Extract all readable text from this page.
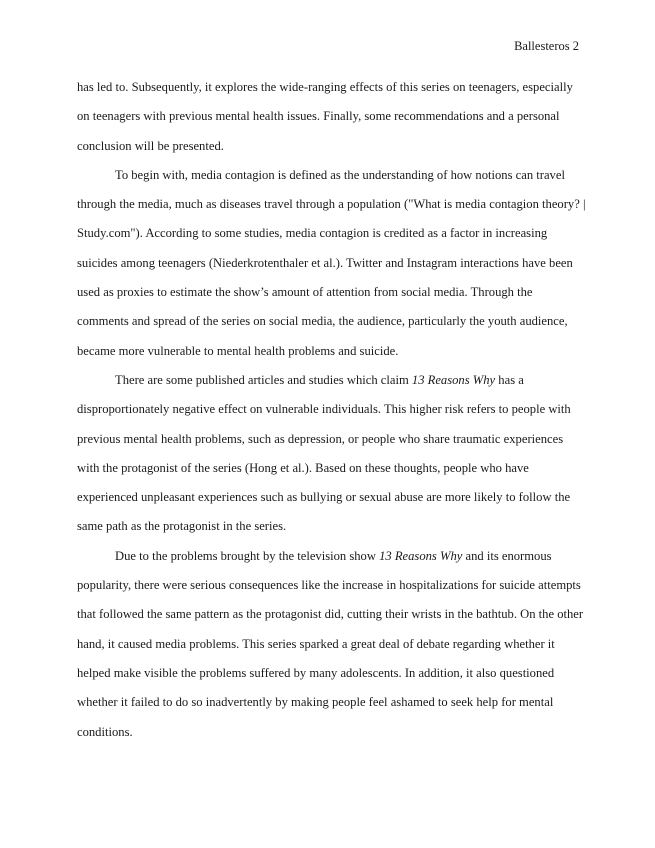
Ballesteros 2

has led to. Subsequently, it explores the wide-ranging effects of this series on teenagers, especially on teenagers with previous mental health issues. Finally, some recommendations and a personal conclusion will be presented.

To begin with, media contagion is defined as the understanding of how notions can travel through the media, much as diseases travel through a population ("What is media contagion theory? | Study.com"). According to some studies, media contagion is credited as a factor in increasing suicides among teenagers (Niederkrotenthaler et al.). Twitter and Instagram interactions have been used as proxies to estimate the show’s amount of attention from social media. Through the comments and spread of the series on social media, the audience, particularly the youth audience, became more vulnerable to mental health problems and suicide.

There are some published articles and studies which claim 13 Reasons Why has a disproportionately negative effect on vulnerable individuals. This higher risk refers to people with previous mental health problems, such as depression, or people who share traumatic experiences with the protagonist of the series (Hong et al.). Based on these thoughts, people who have experienced unpleasant experiences such as bullying or sexual abuse are more likely to follow the same path as the protagonist in the series.

Due to the problems brought by the television show 13 Reasons Why and its enormous popularity, there were serious consequences like the increase in hospitalizations for suicide attempts that followed the same pattern as the protagonist did, cutting their wrists in the bathtub. On the other hand, it caused media problems. This series sparked a great deal of debate regarding whether it helped make visible the problems suffered by many adolescents. In addition, it also questioned whether it failed to do so inadvertently by making people feel ashamed to seek help for mental conditions.
